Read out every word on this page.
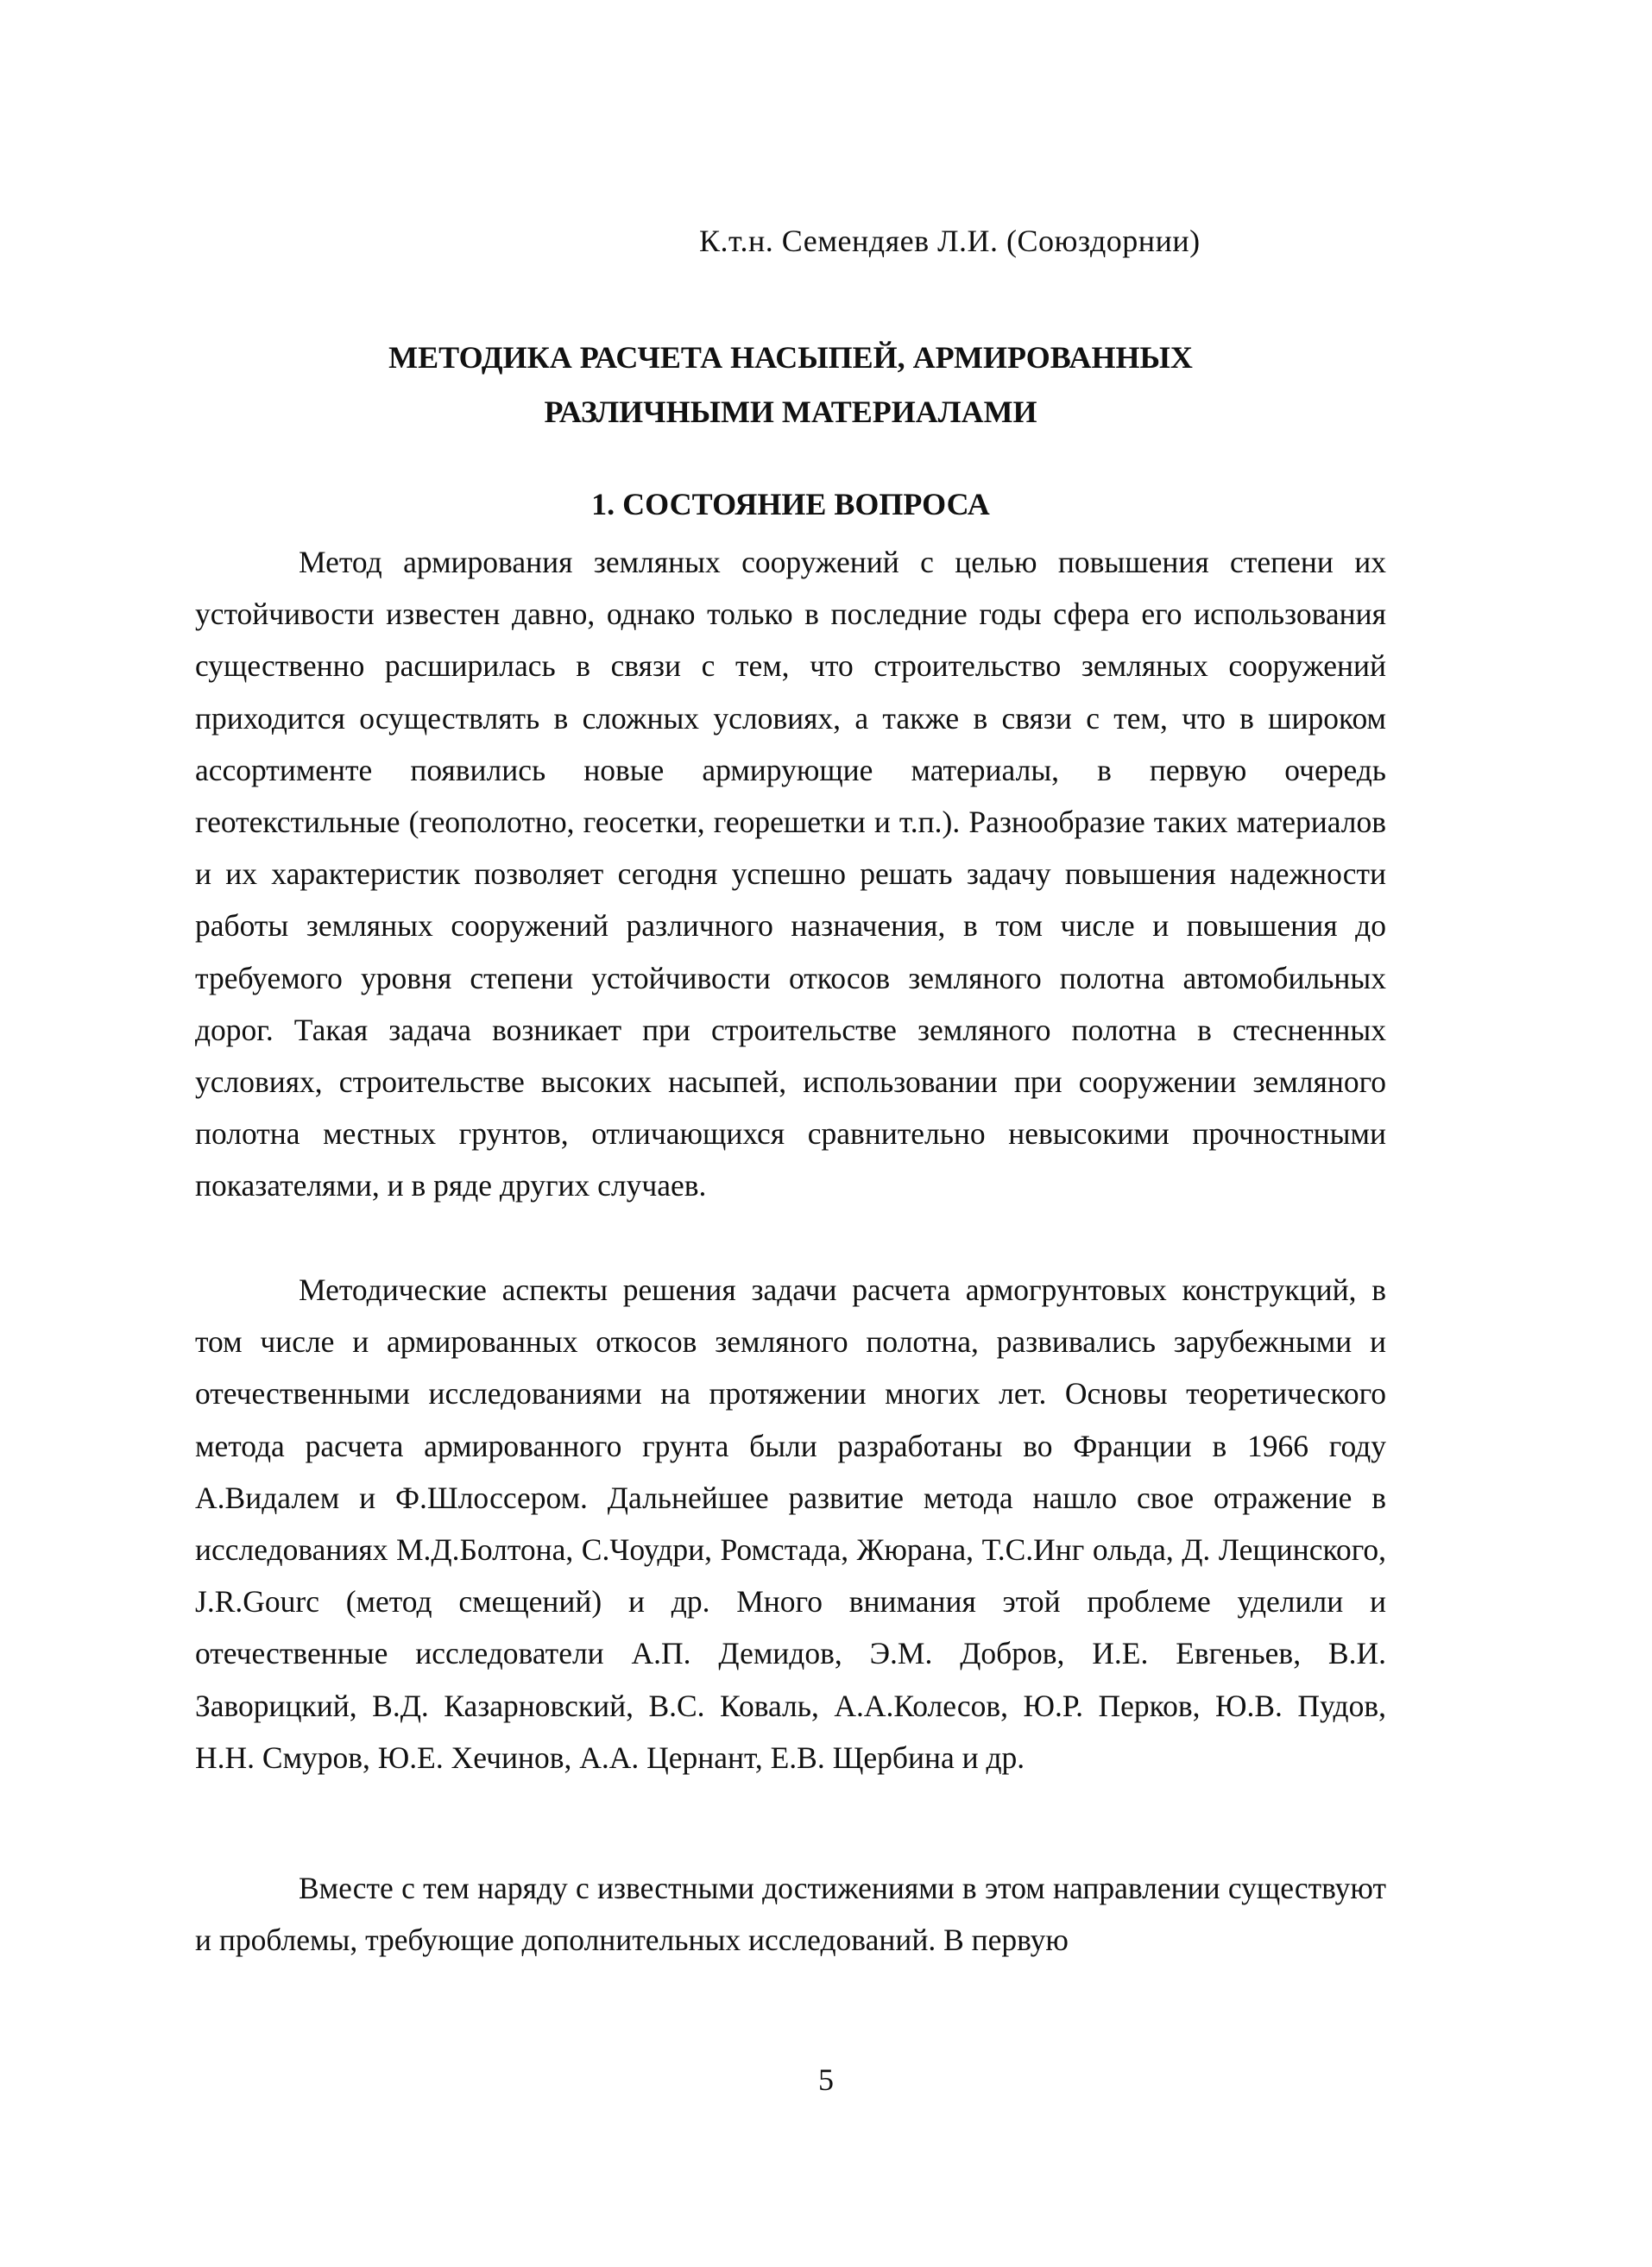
К.т.н. Семендяев Л.И. (Союздорнии)
МЕТОДИКА РАСЧЕТА НАСЫПЕЙ, АРМИРОВАННЫХ
РАЗЛИЧНЫМИ МАТЕРИАЛАМИ
1. СОСТОЯНИЕ ВОПРОСА

Метод армирования земляных сооружений с целью повышения степени их устойчивости известен давно, однако только в последние годы сфера его использования существенно расширилась в связи с тем, что строительство земляных сооружений приходится осуществлять в сложных условиях, а также в связи с тем, что в широком ассортименте появились новые армирующие материалы, в первую очередь геотекстильные (геополотно, геосетки, георешетки и т.п.). Разнообразие таких материалов и их характеристик позволяет сегодня успешно решать задачу повышения надежности работы земляных сооружений различного назначения, в том числе и повышения до требуемого уровня степени устойчивости откосов земляного полотна автомобильных дорог. Такая задача возникает при строительстве земляного полотна в стесненных условиях, строительстве высоких насыпей, использовании при сооружении земляного полотна местных грунтов, отличающихся сравнительно невысокими прочностными показателями, и в ряде других случаев.

Методические аспекты решения задачи расчета армогрунтовых конструкций, в том числе и армированных откосов земляного полотна, развивались зарубежными и отечественными исследованиями на протяжении многих лет. Основы теоретического метода расчета армированного грунта были разработаны во Франции в 1966 году А.Видалем и Ф.Шлоссером. Дальнейшее развитие метода нашло свое отражение в исследованиях М.Д.Болтона, С.Чоудри, Ромстада, Жюрана, Т.С.Инг ольда, Д. Лещинского, J.R.Gourc (метод смещений) и др. Много внимания этой проблеме уделили и отечественные исследователи А.П. Демидов, Э.М. Добров, И.Е. Евгеньев, В.И. Заворицкий, В.Д. Казарновский, В.С. Коваль, А.А.Колесов, Ю.Р. Перков, Ю.В. Пудов, Н.Н. Смуров, Ю.Е. Хечинов, А.А. Цернант, Е.В. Щербина и др.

Вместе с тем наряду с известными достижениями в этом направлении существуют и проблемы, требующие дополнительных исследований. В первую

5
